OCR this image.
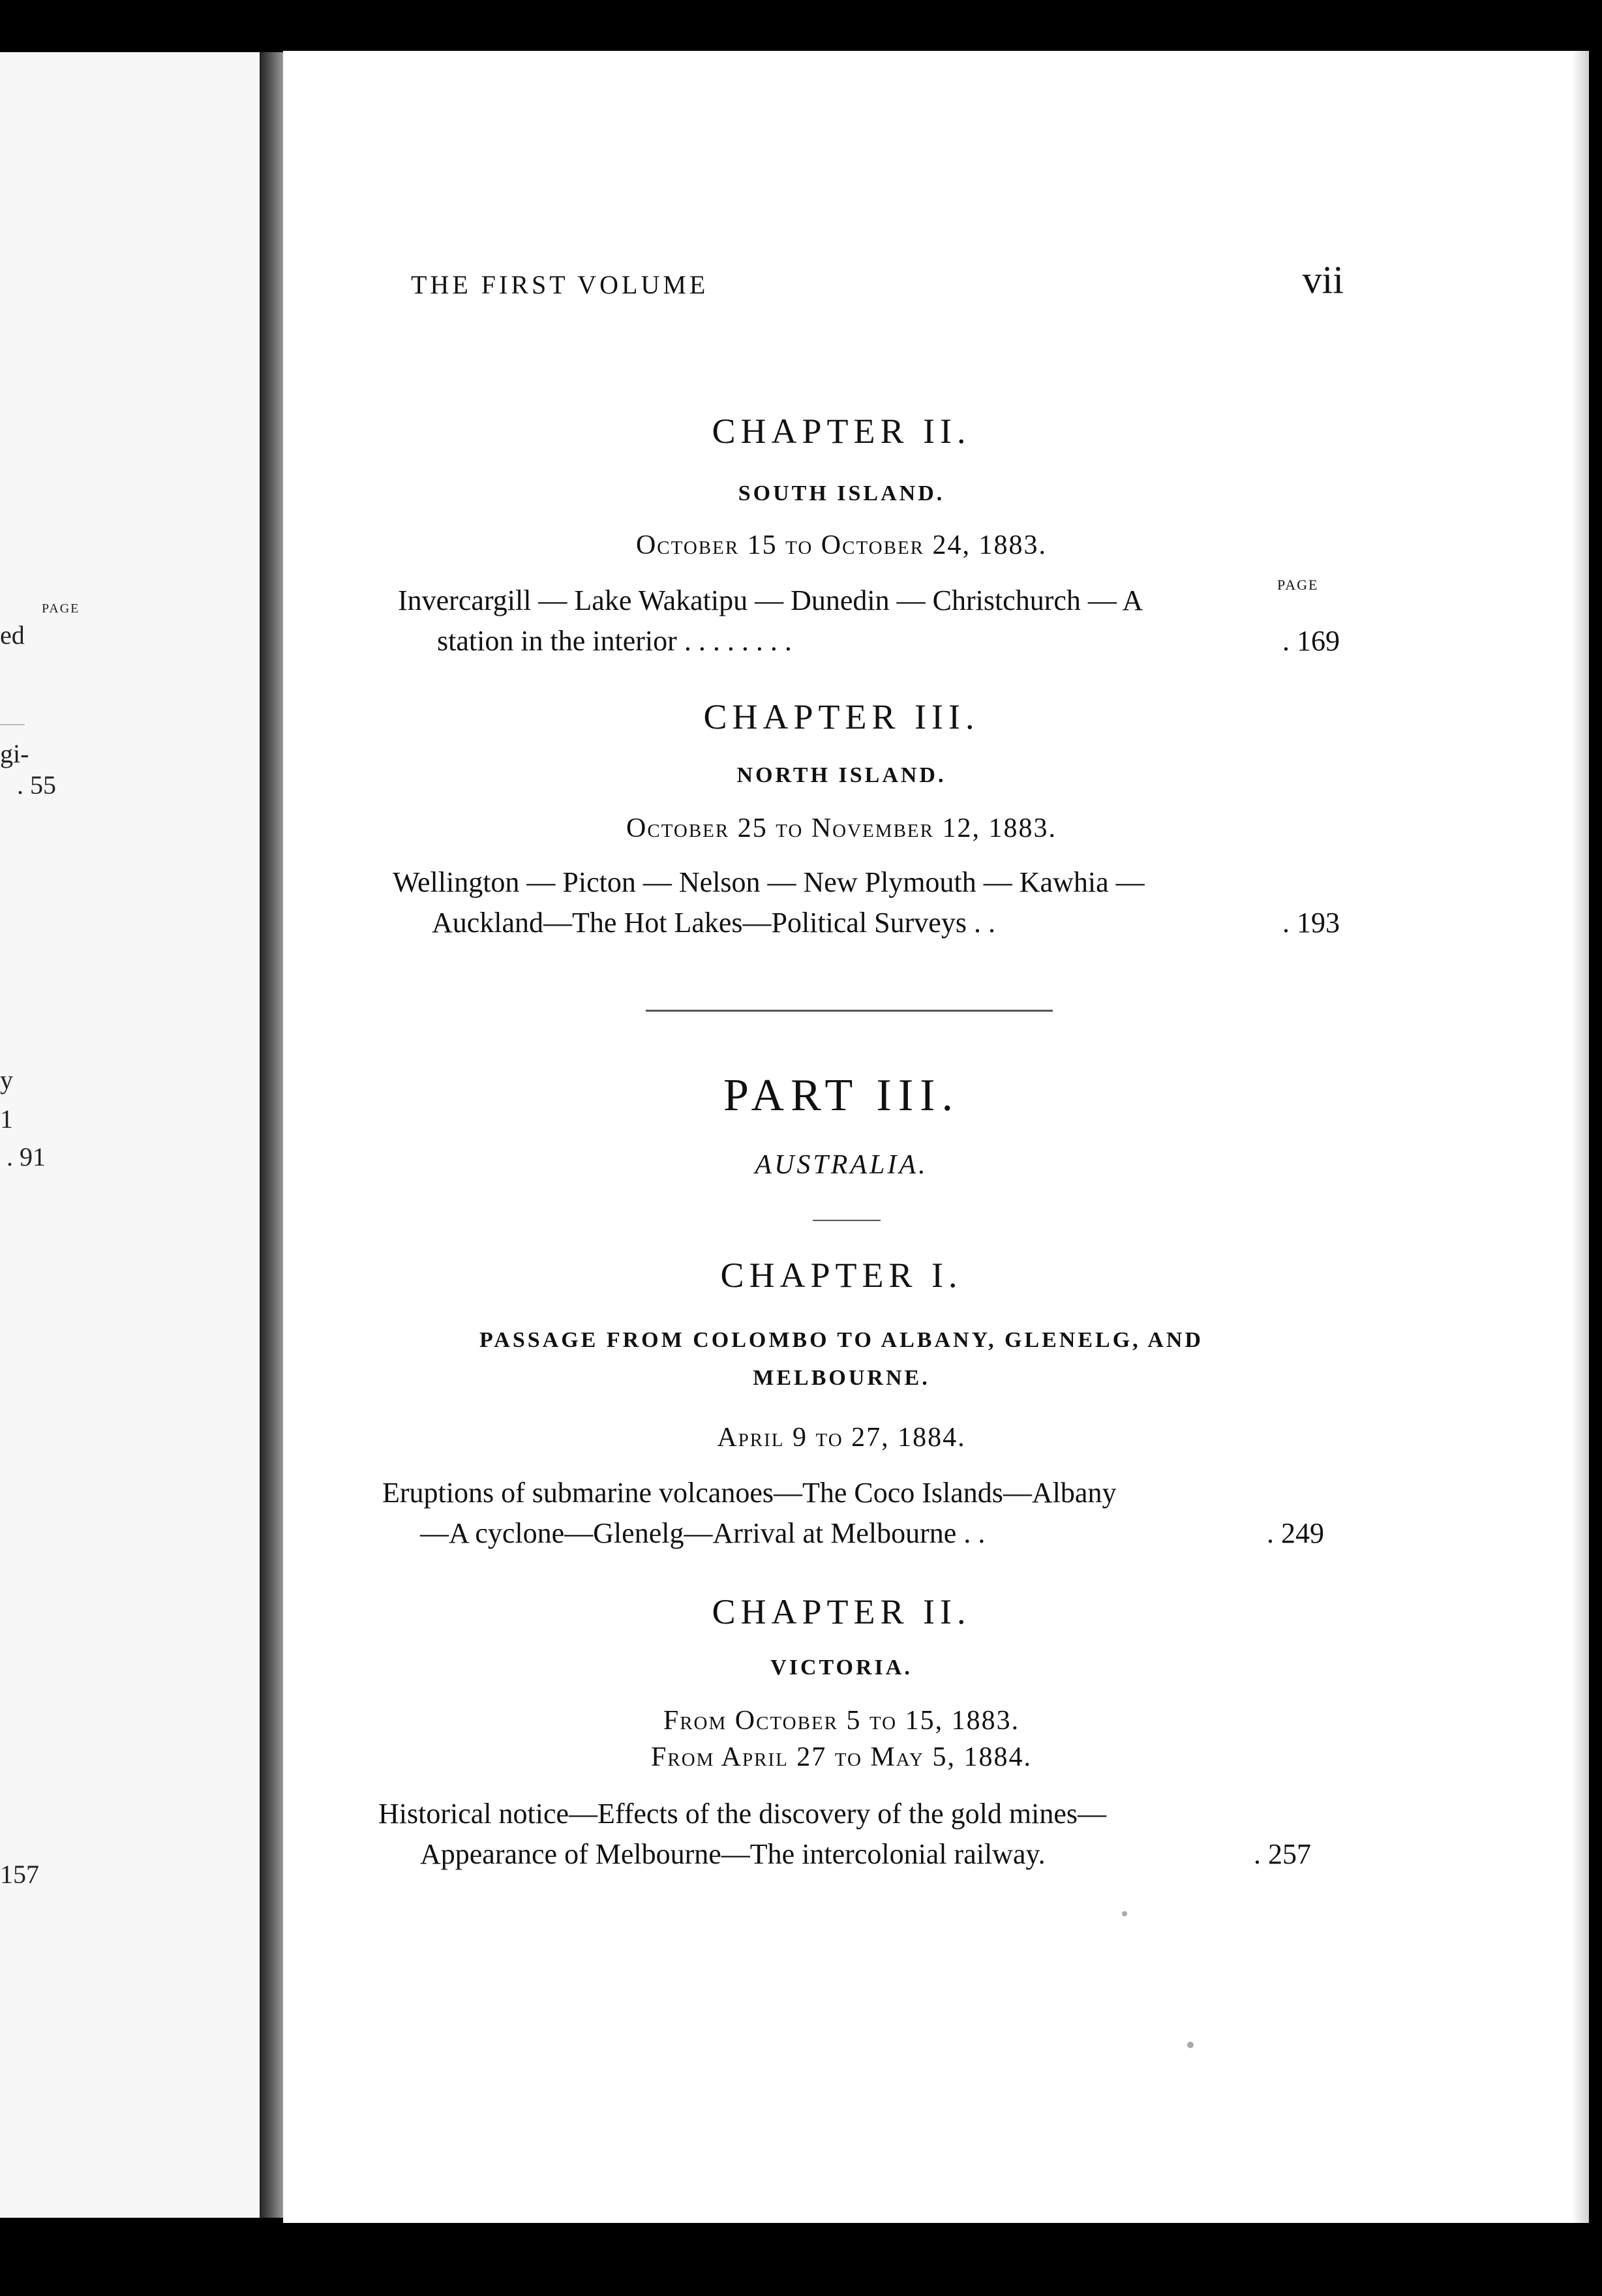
PAGE
ed
gi-
. 55
y
1
. 91
157
THE FIRST VOLUME	vii
CHAPTER II.
SOUTH ISLAND.
October 15 to October 24, 1883.
PAGE
Invercargill — Lake Wakatipu — Dunedin — Christchurch — A
station in the interior . . . . . . . .	. 169
CHAPTER III.
NORTH ISLAND.
October 25 to November 12, 1883.
Wellington — Picton — Nelson — New Plymouth — Kawhia —
Auckland—The Hot Lakes—Political Surveys . .	. 193
PART III.
AUSTRALIA.
CHAPTER I.
PASSAGE FROM COLOMBO TO ALBANY, GLENELG, AND
MELBOURNE.
April 9 to 27, 1884.
Eruptions of submarine volcanoes—The Coco Islands—Albany
—A cyclone—Glenelg—Arrival at Melbourne . .	. 249
CHAPTER II.
VICTORIA.
From October 5 to 15, 1883.
From April 27 to May 5, 1884.
Historical notice—Effects of the discovery of the gold mines—
Appearance of Melbourne—The intercolonial railway.	. 257
